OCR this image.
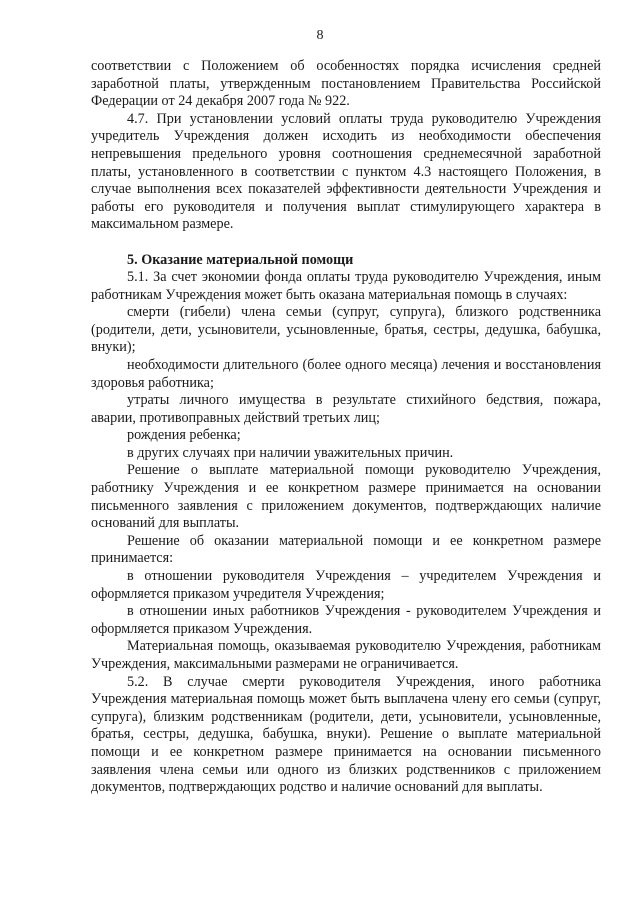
8

соответствии с Положением об особенностях порядка исчисления средней заработной платы, утвержденным постановлением Правительства Российской Федерации от 24 декабря 2007 года № 922.

4.7. При установлении условий оплаты труда руководителю Учреждения учредитель Учреждения должен исходить из необходимости обеспечения непревышения предельного уровня соотношения среднемесячной заработной платы, установленного в соответствии с пунктом 4.3 настоящего Положения, в случае выполнения всех показателей эффективности деятельности Учреждения и работы его руководителя и получения выплат стимулирующего характера в максимальном размере.

5. Оказание материальной помощи

5.1. За счет экономии фонда оплаты труда руководителю Учреждения, иным работникам Учреждения может быть оказана материальная помощь в случаях:

смерти (гибели) члена семьи (супруг, супруга), близкого родственника (родители, дети, усыновители, усыновленные, братья, сестры, дедушка, бабушка, внуки);

необходимости длительного (более одного месяца) лечения и восстановления здоровья работника;

утраты личного имущества в результате стихийного бедствия, пожара, аварии, противоправных действий третьих лиц;

рождения ребенка;

в других случаях при наличии уважительных причин.

Решение о выплате материальной помощи руководителю Учреждения, работнику Учреждения и ее конкретном размере принимается на основании письменного заявления с приложением документов, подтверждающих наличие оснований для выплаты.

Решение об оказании материальной помощи и ее конкретном размере принимается:

в отношении руководителя Учреждения – учредителем Учреждения и оформляется приказом учредителя Учреждения;

в отношении иных работников Учреждения - руководителем Учреждения и оформляется приказом Учреждения.

Материальная помощь, оказываемая руководителю Учреждения, работникам Учреждения, максимальными размерами не ограничивается.

5.2. В случае смерти руководителя Учреждения, иного работника Учреждения материальная помощь может быть выплачена члену его семьи (супруг, супруга), близким родственникам (родители, дети, усыновители, усыновленные, братья, сестры, дедушка, бабушка, внуки). Решение о выплате материальной помощи и ее конкретном размере принимается на основании письменного заявления члена семьи или одного из близких родственников с приложением документов, подтверждающих родство и наличие оснований для выплаты.
